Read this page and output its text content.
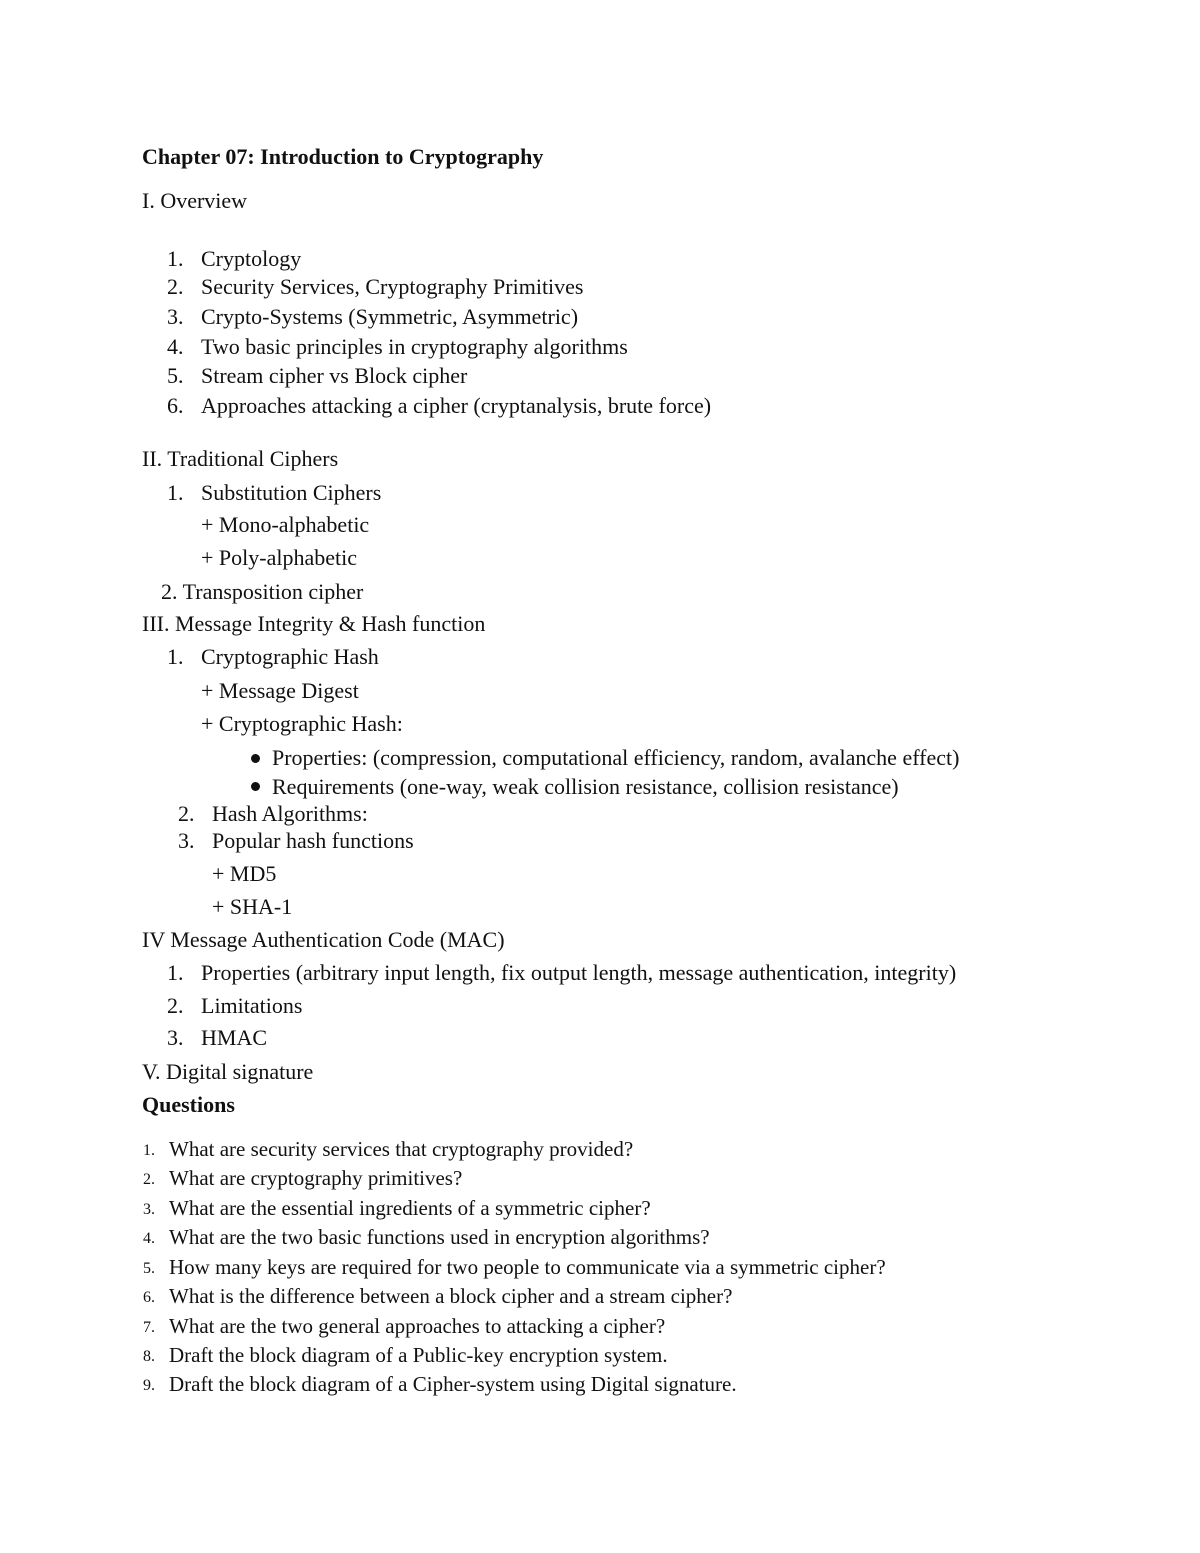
Chapter 07: Introduction to Cryptography
I. Overview
1. Cryptology
2. Security Services, Cryptography Primitives
3. Crypto-Systems (Symmetric, Asymmetric)
4. Two basic principles in cryptography algorithms
5. Stream cipher vs Block cipher
6. Approaches attacking a cipher (cryptanalysis, brute force)
II. Traditional Ciphers
1. Substitution Ciphers
+ Mono-alphabetic
+ Poly-alphabetic
2. Transposition cipher
III. Message Integrity & Hash function
1. Cryptographic Hash
+ Message Digest
+ Cryptographic Hash:
Properties: (compression, computational efficiency, random, avalanche effect)
Requirements (one-way, weak collision resistance, collision resistance)
2. Hash Algorithms:
3. Popular hash functions
+ MD5
+ SHA-1
IV Message Authentication Code (MAC)
1. Properties (arbitrary input length, fix output length, message authentication, integrity)
2. Limitations
3. HMAC
V. Digital signature
Questions
1. What are security services that cryptography provided?
2. What are cryptography primitives?
3. What are the essential ingredients of a symmetric cipher?
4. What are the two basic functions used in encryption algorithms?
5. How many keys are required for two people to communicate via a symmetric cipher?
6. What is the difference between a block cipher and a stream cipher?
7. What are the two general approaches to attacking a cipher?
8. Draft the block diagram of a Public-key encryption system.
9. Draft the block diagram of a Cipher-system using Digital signature.
